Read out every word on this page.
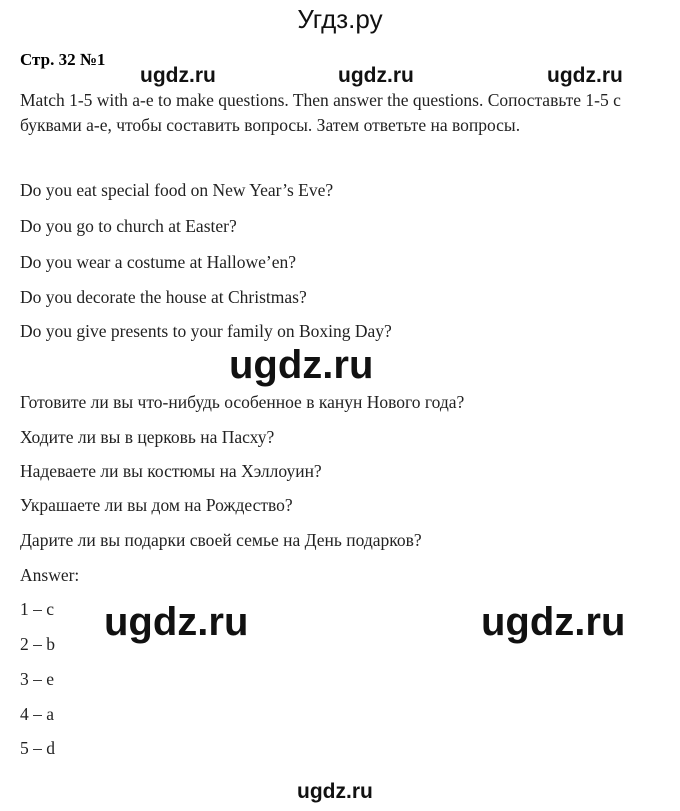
Угдз.ру
Стр. 32 №1
ugdz.ru	ugdz.ru	ugdz.ru
Match 1-5 with a-e to make questions. Then answer the questions. Сопоставьте 1-5 с буквами a-e, чтобы составить вопросы. Затем ответьте на вопросы.
Do you eat special food on New Year’s Eve?
Do you go to church at Easter?
Do you wear a costume at Hallowe’en?
Do you decorate the house at Christmas?
Do you give presents to your family on Boxing Day?
ugdz.ru
Готовите ли вы что-нибудь особенное в канун Нового года?
Ходите ли вы в церковь на Пасху?
Надеваете ли вы костюмы на Хэллоуин?
Украшаете ли вы дом на Рождество?
Дарите ли вы подарки своей семье на День подарков?
Answer:
1 – c
2 – b
3 – e
4 – a
5 – d
ugdz.ru	ugdz.ru
ugdz.ru
